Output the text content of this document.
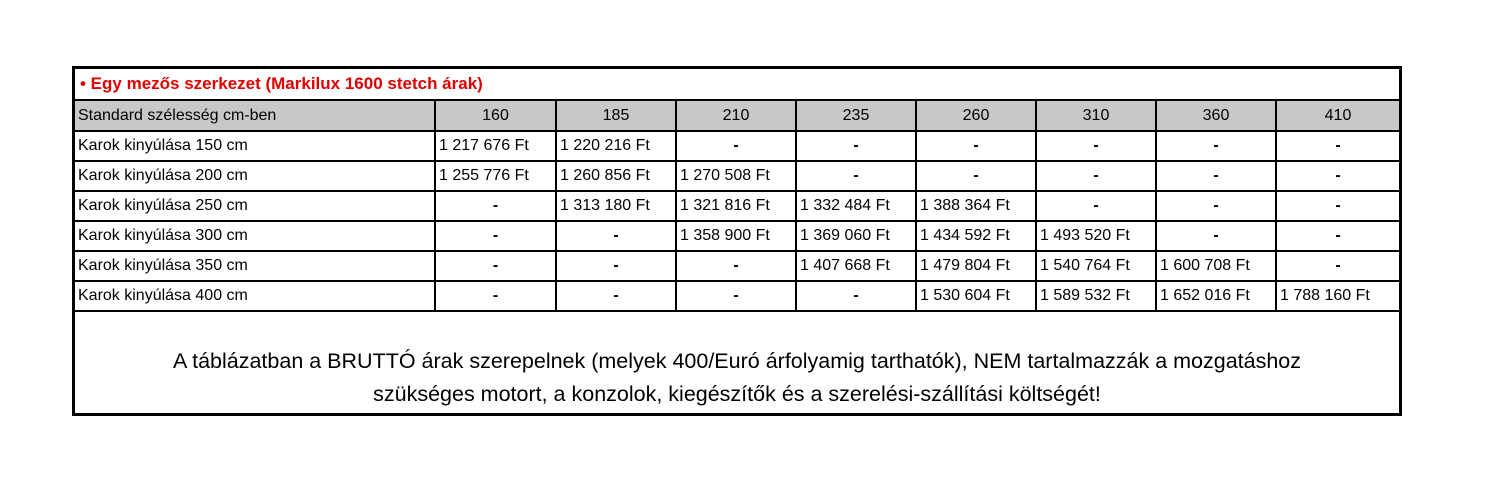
• Egy mezős szerkezet (Markilux 1600 stetch árak)
Standard szélesség cm-ben	160	185	210	235	260	310	360	410
Karok kinyúlása 150 cm	1 217 676 Ft	1 220 216 Ft	-	-	-	-	-	-
Karok kinyúlása 200 cm	1 255 776 Ft	1 260 856 Ft	1 270 508 Ft	-	-	-	-	-
Karok kinyúlása 250 cm	-	1 313 180 Ft	1 321 816 Ft	1 332 484 Ft	1 388 364 Ft	-	-	-
Karok kinyúlása 300 cm	-	-	1 358 900 Ft	1 369 060 Ft	1 434 592 Ft	1 493 520 Ft	-	-
Karok kinyúlása 350 cm	-	-	-	1 407 668 Ft	1 479 804 Ft	1 540 764 Ft	1 600 708 Ft	-
Karok kinyúlása 400 cm	-	-	-	-	1 530 604 Ft	1 589 532 Ft	1 652 016 Ft	1 788 160 Ft
A táblázatban a BRUTTÓ árak szerepelnek (melyek 400/Euró árfolyamig tarthatók), NEM tartalmazzák a mozgatáshoz
szükséges motort, a konzolok, kiegészítők és a szerelési-szállítási költségét!
